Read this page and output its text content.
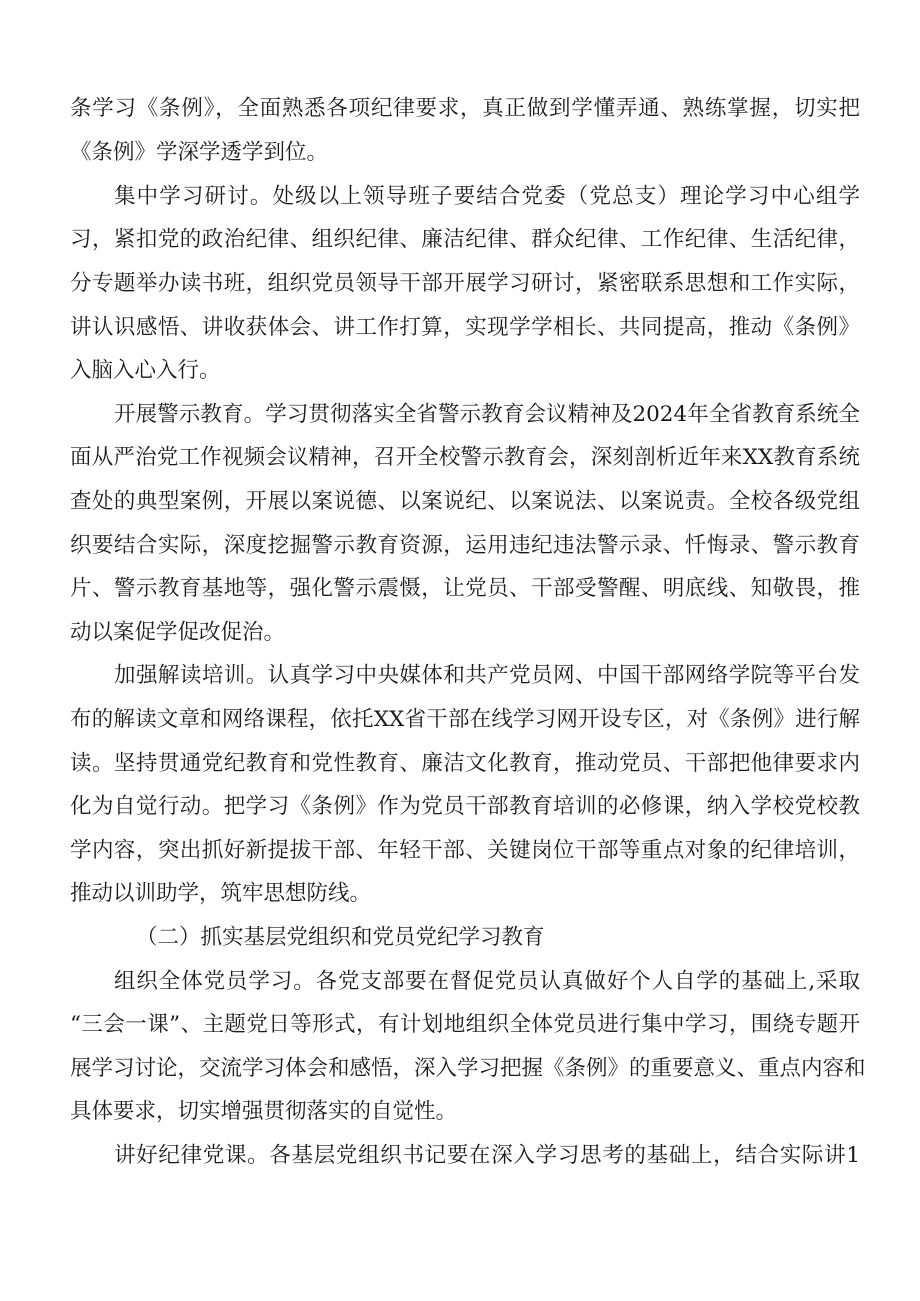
条学习《条例》，全面熟悉各项纪律要求，真正做到学懂弄通、熟练掌握，切实把
《条例》学深学透学到位。
集中学习研讨。处级以上领导班子要结合党委（党总支）理论学习中心组学
习，紧扣党的政治纪律、组织纪律、廉洁纪律、群众纪律、工作纪律、生活纪律，
分专题举办读书班，组织党员领导干部开展学习研讨，紧密联系思想和工作实际，
讲认识感悟、讲收获体会、讲工作打算，实现学学相长、共同提高，推动《条例》
入脑入心入行。
开展警示教育。学习贯彻落实全省警示教育会议精神及2024年全省教育系统全
面从严治党工作视频会议精神，召开全校警示教育会，深刻剖析近年来XX教育系统
查处的典型案例，开展以案说德、以案说纪、以案说法、以案说责。全校各级党组
织要结合实际，深度挖掘警示教育资源，运用违纪违法警示录、忏悔录、警示教育
片、警示教育基地等，强化警示震慑，让党员、干部受警醒、明底线、知敬畏，推
动以案促学促改促治。
加强解读培训。认真学习中央媒体和共产党员网、中国干部网络学院等平台发
布的解读文章和网络课程，依托XX省干部在线学习网开设专区，对《条例》进行解
读。坚持贯通党纪教育和党性教育、廉洁文化教育，推动党员、干部把他律要求内
化为自觉行动。把学习《条例》作为党员干部教育培训的必修课，纳入学校党校教
学内容，突出抓好新提拔干部、年轻干部、关键岗位干部等重点对象的纪律培训，
推动以训助学，筑牢思想防线。
（二）抓实基层党组织和党员党纪学习教育
组织全体党员学习。各党支部要在督促党员认真做好个人自学的基础上,采取
“三会一课”、主题党日等形式，有计划地组织全体党员进行集中学习，围绕专题开
展学习讨论，交流学习体会和感悟，深入学习把握《条例》的重要意义、重点内容和
具体要求，切实增强贯彻落实的自觉性。
讲好纪律党课。各基层党组织书记要在深入学习思考的基础上，结合实际讲1
